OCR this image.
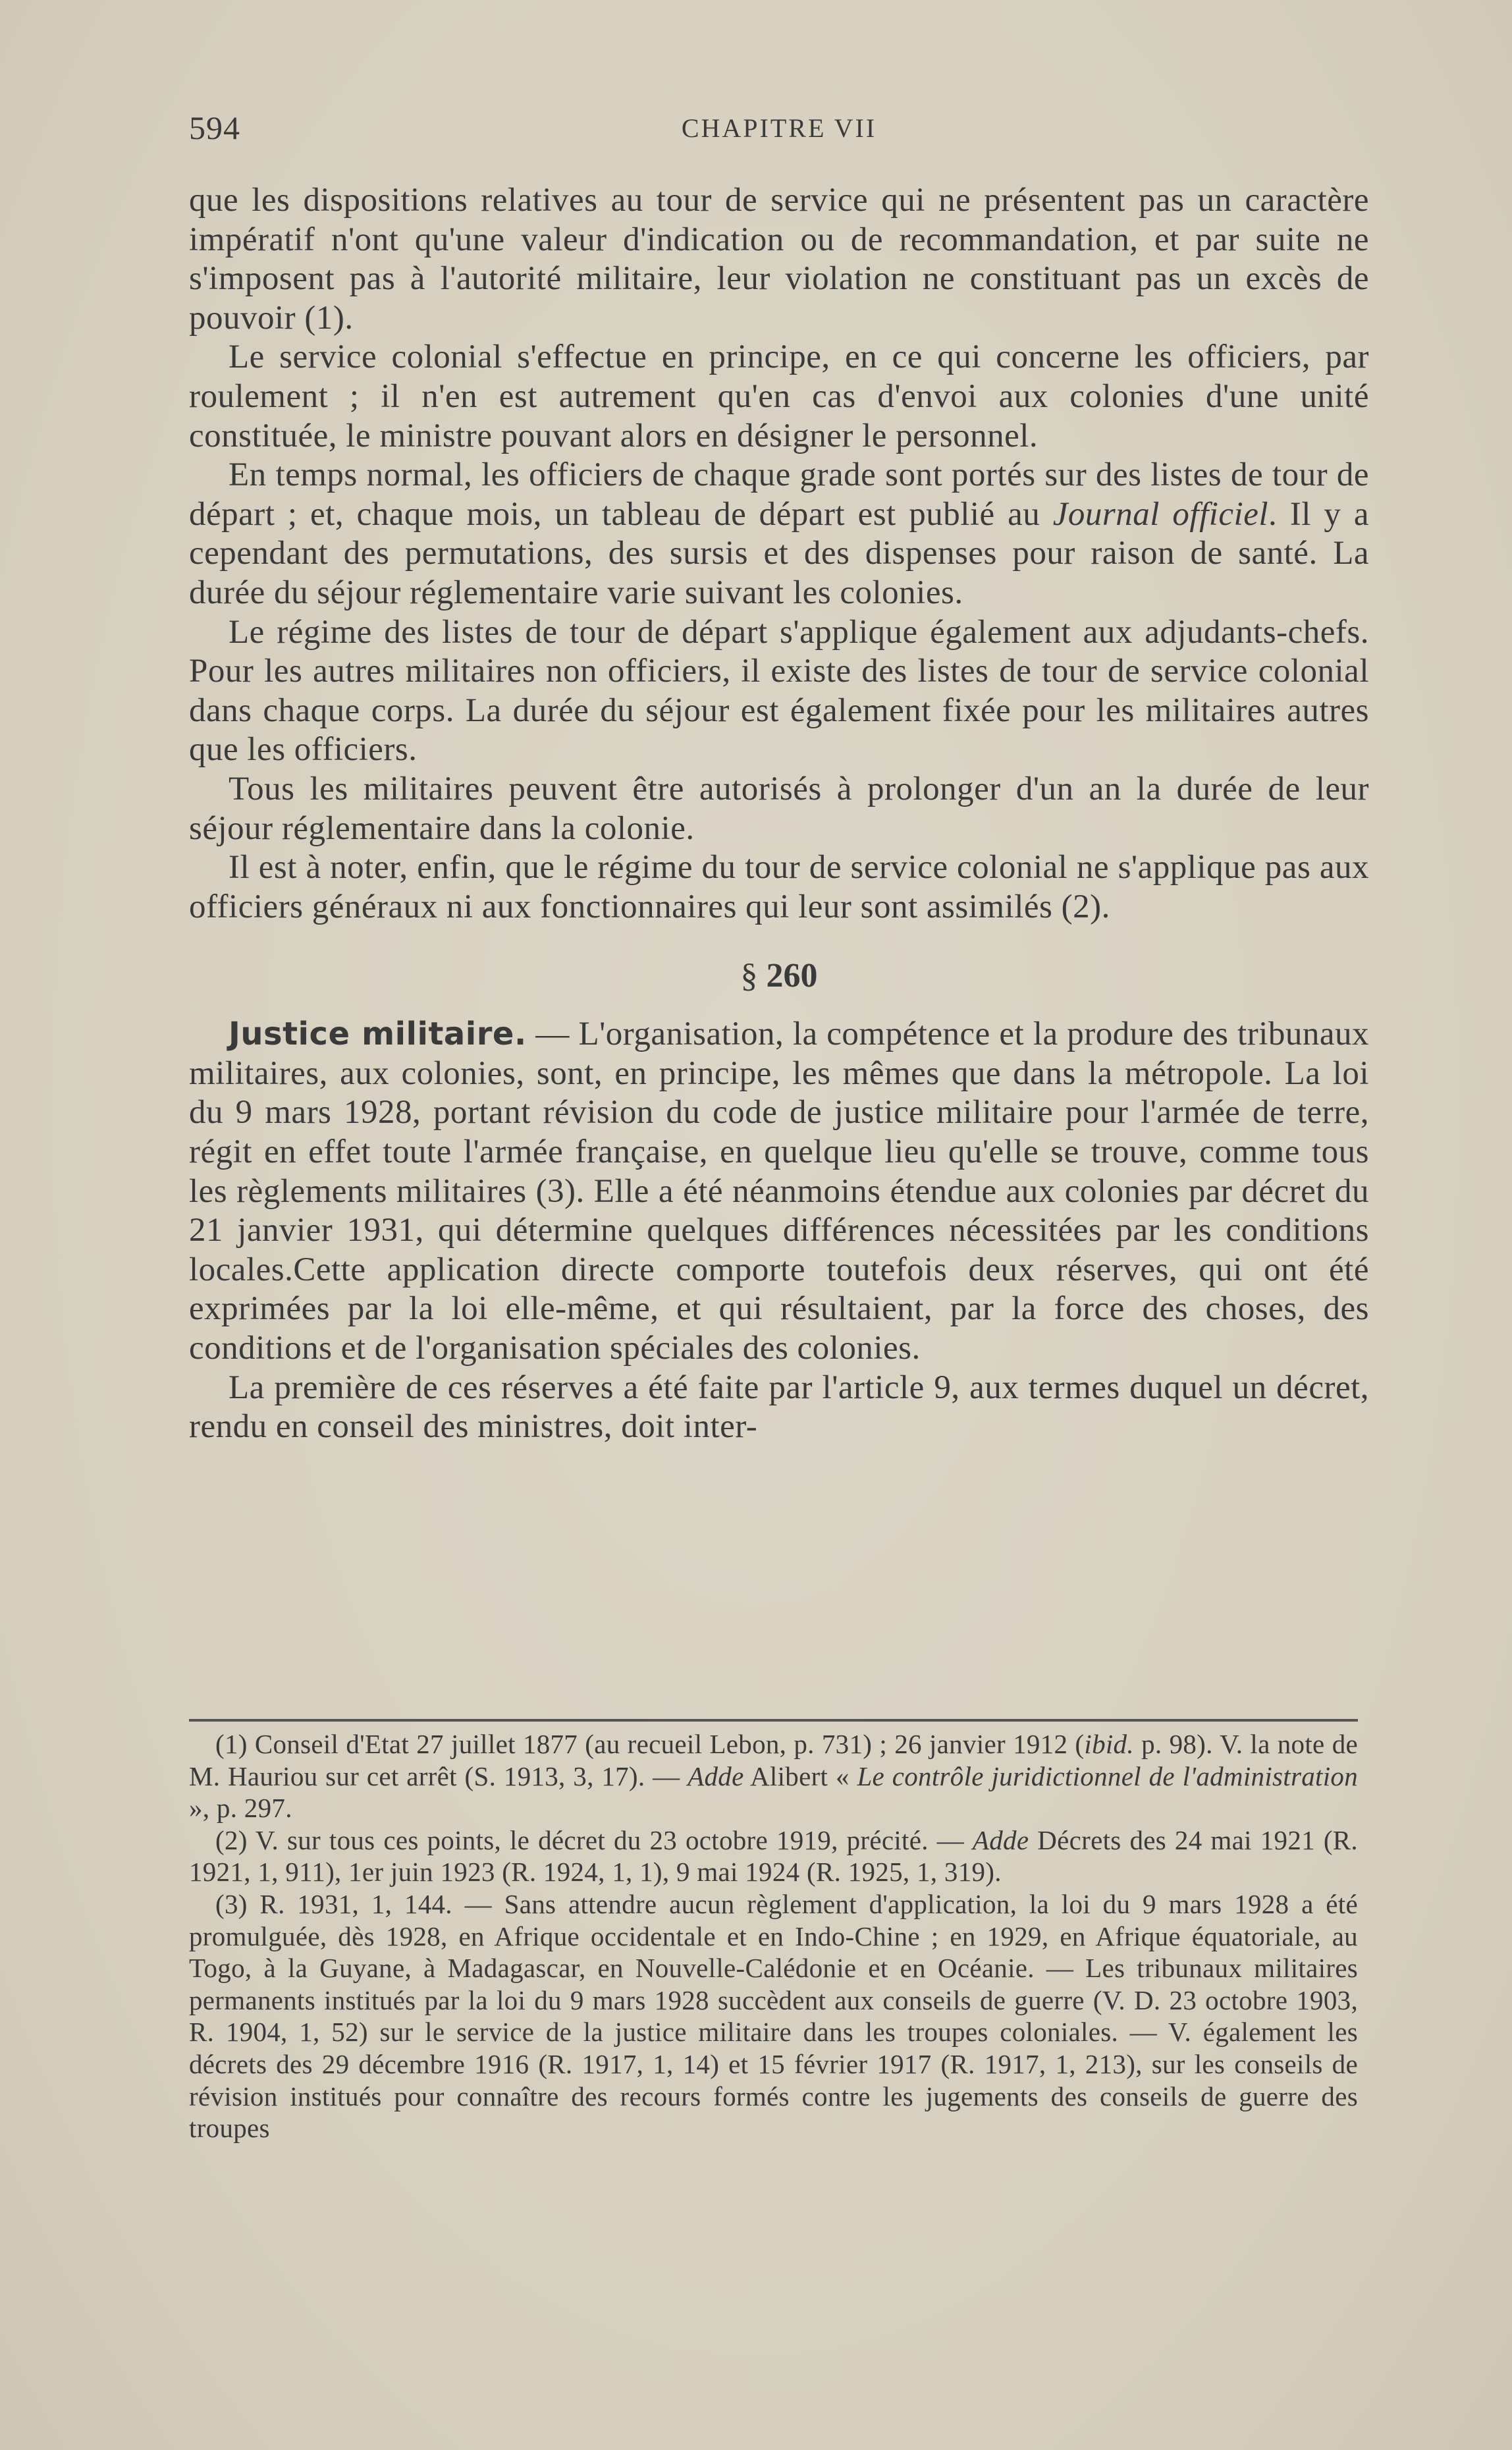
594	CHAPITRE VII

que les dispositions relatives au tour de service qui ne présentent pas un caractère impératif n'ont qu'une valeur d'indication ou de recommandation, et par suite ne s'imposent pas à l'autorité militaire, leur violation ne constituant pas un excès de pouvoir (1).

Le service colonial s'effectue en principe, en ce qui concerne les officiers, par roulement ; il n'en est autrement qu'en cas d'envoi aux colonies d'une unité constituée, le ministre pouvant alors en désigner le personnel.

En temps normal, les officiers de chaque grade sont portés sur des listes de tour de départ ; et, chaque mois, un tableau de départ est publié au Journal officiel. Il y a cependant des permutations, des sursis et des dispenses pour raison de santé. La durée du séjour réglementaire varie suivant les colonies.

Le régime des listes de tour de départ s'applique également aux adjudants-chefs. Pour les autres militaires non officiers, il existe des listes de tour de service colonial dans chaque corps. La durée du séjour est également fixée pour les militaires autres que les officiers.

Tous les militaires peuvent être autorisés à prolonger d'un an la durée de leur séjour réglementaire dans la colonie.

Il est à noter, enfin, que le régime du tour de service colonial ne s'applique pas aux officiers généraux ni aux fonctionnaires qui leur sont assimilés (2).

§ 260

Justice militaire. — L'organisation, la compétence et la produre des tribunaux militaires, aux colonies, sont, en principe, les mêmes que dans la métropole. La loi du 9 mars 1928, portant révision du code de justice militaire pour l'armée de terre, régit en effet toute l'armée française, en quelque lieu qu'elle se trouve, comme tous les règlements militaires (3). Elle a été néanmoins étendue aux colonies par décret du 21 janvier 1931, qui détermine quelques différences nécessitées par les conditions locales.Cette application directe comporte toutefois deux réserves, qui ont été exprimées par la loi elle-même, et qui résultaient, par la force des choses, des conditions et de l'organisation spéciales des colonies.

La première de ces réserves a été faite par l'article 9, aux termes duquel un décret, rendu en conseil des ministres, doit inter-

(1) Conseil d'Etat 27 juillet 1877 (au recueil Lebon, p. 731) ; 26 janvier 1912 (ibid. p. 98). V. la note de M. Hauriou sur cet arrêt (S. 1913, 3, 17). — Adde Alibert « Le contrôle juridictionnel de l'administration », p. 297.

(2) V. sur tous ces points, le décret du 23 octobre 1919, précité. — Adde Décrets des 24 mai 1921 (R. 1921, 1, 911), 1er juin 1923 (R. 1924, 1, 1), 9 mai 1924 (R. 1925, 1, 319).

(3) R. 1931, 1, 144. — Sans attendre aucun règlement d'application, la loi du 9 mars 1928 a été promulguée, dès 1928, en Afrique occidentale et en Indo-Chine ; en 1929, en Afrique équatoriale, au Togo, à la Guyane, à Madagascar, en Nouvelle-Calédonie et en Océanie. — Les tribunaux militaires permanents institués par la loi du 9 mars 1928 succèdent aux conseils de guerre (V. D. 23 octobre 1903, R. 1904, 1, 52) sur le service de la justice militaire dans les troupes coloniales. — V. également les décrets des 29 décembre 1916 (R. 1917, 1, 14) et 15 février 1917 (R. 1917, 1, 213), sur les conseils de révision institués pour connaître des recours formés contre les jugements des conseils de guerre des troupes
